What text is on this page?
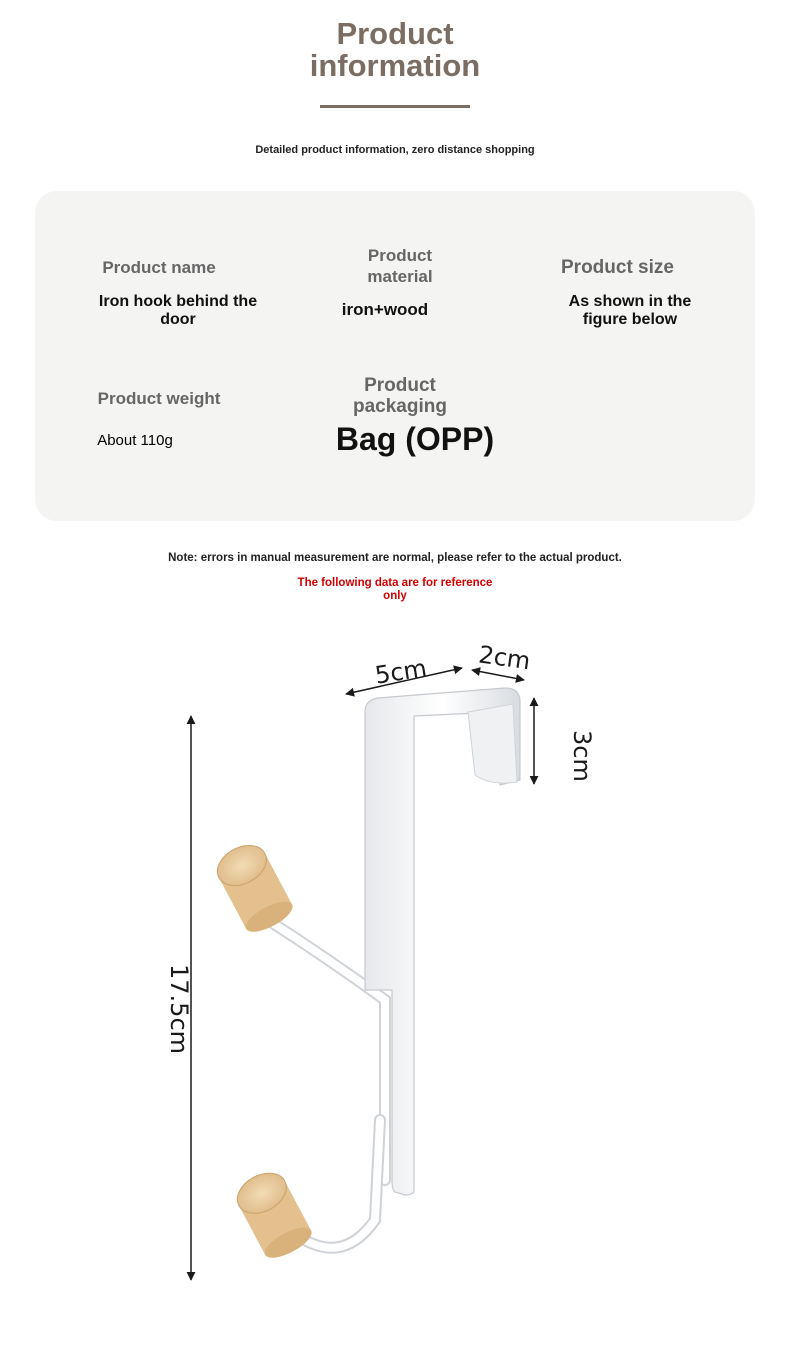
Product
information
Detailed product information, zero distance shopping
Product name
Iron hook behind the door
Product material
iron+wood
Product size
As shown in the figure below
Product weight
About 110g
Product packaging
Bag (OPP)
Note: errors in manual measurement are normal, please refer to the actual product.
The following data are for reference only
5cm 2cm
3cm
17.5cm
